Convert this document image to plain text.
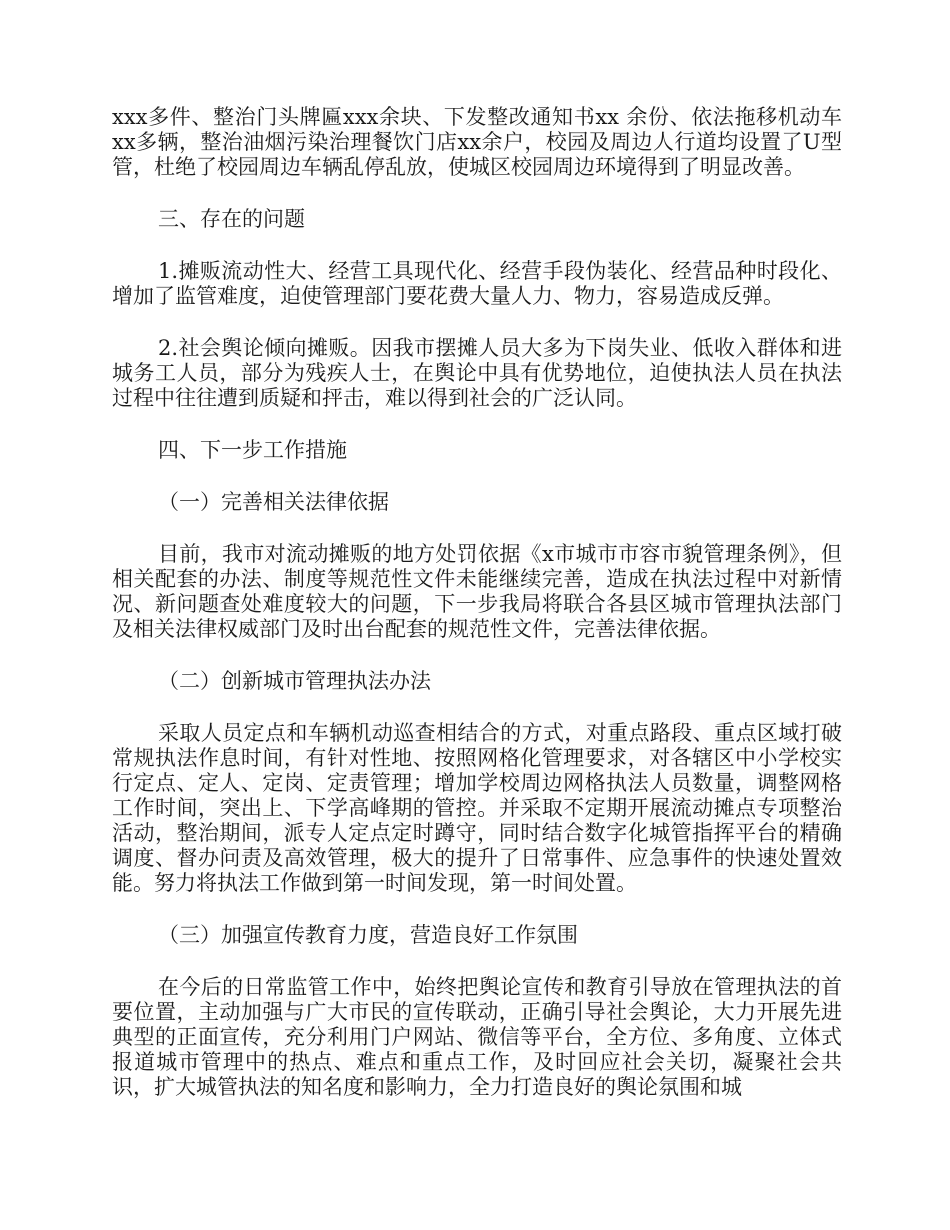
xxx多件、整治门头牌匾xxx余块、下发整改通知书xx 余份、依法拖移机动车xx多辆，整治油烟污染治理餐饮门店xx余户，校园及周边人行道均设置了U型管，杜绝了校园周边车辆乱停乱放，使城区校园周边环境得到了明显改善。

三、存在的问题

1.摊贩流动性大、经营工具现代化、经营手段伪装化、经营品种时段化、增加了监管难度，迫使管理部门要花费大量人力、物力，容易造成反弹。

2.社会舆论倾向摊贩。因我市摆摊人员大多为下岗失业、低收入群体和进城务工人员，部分为残疾人士，在舆论中具有优势地位，迫使执法人员在执法过程中往往遭到质疑和抨击，难以得到社会的广泛认同。

四、下一步工作措施

（一）完善相关法律依据

目前，我市对流动摊贩的地方处罚依据《x市城市市容市貌管理条例》，但相关配套的办法、制度等规范性文件未能继续完善，造成在执法过程中对新情况、新问题查处难度较大的问题，下一步我局将联合各县区城市管理执法部门及相关法律权威部门及时出台配套的规范性文件，完善法律依据。

（二）创新城市管理执法办法

采取人员定点和车辆机动巡查相结合的方式，对重点路段、重点区域打破常规执法作息时间，有针对性地、按照网格化管理要求，对各辖区中小学校实行定点、定人、定岗、定责管理；增加学校周边网格执法人员数量，调整网格工作时间，突出上、下学高峰期的管控。并采取不定期开展流动摊点专项整治活动，整治期间，派专人定点定时蹲守，同时结合数字化城管指挥平台的精确调度、督办问责及高效管理，极大的提升了日常事件、应急事件的快速处置效能。努力将执法工作做到第一时间发现，第一时间处置。

（三）加强宣传教育力度，营造良好工作氛围

在今后的日常监管工作中，始终把舆论宣传和教育引导放在管理执法的首要位置，主动加强与广大市民的宣传联动，正确引导社会舆论，大力开展先进典型的正面宣传，充分利用门户网站、微信等平台，全方位、多角度、立体式报道城市管理中的热点、难点和重点工作，及时回应社会关切，凝聚社会共识，扩大城管执法的知名度和影响力，全力打造良好的舆论氛围和城
